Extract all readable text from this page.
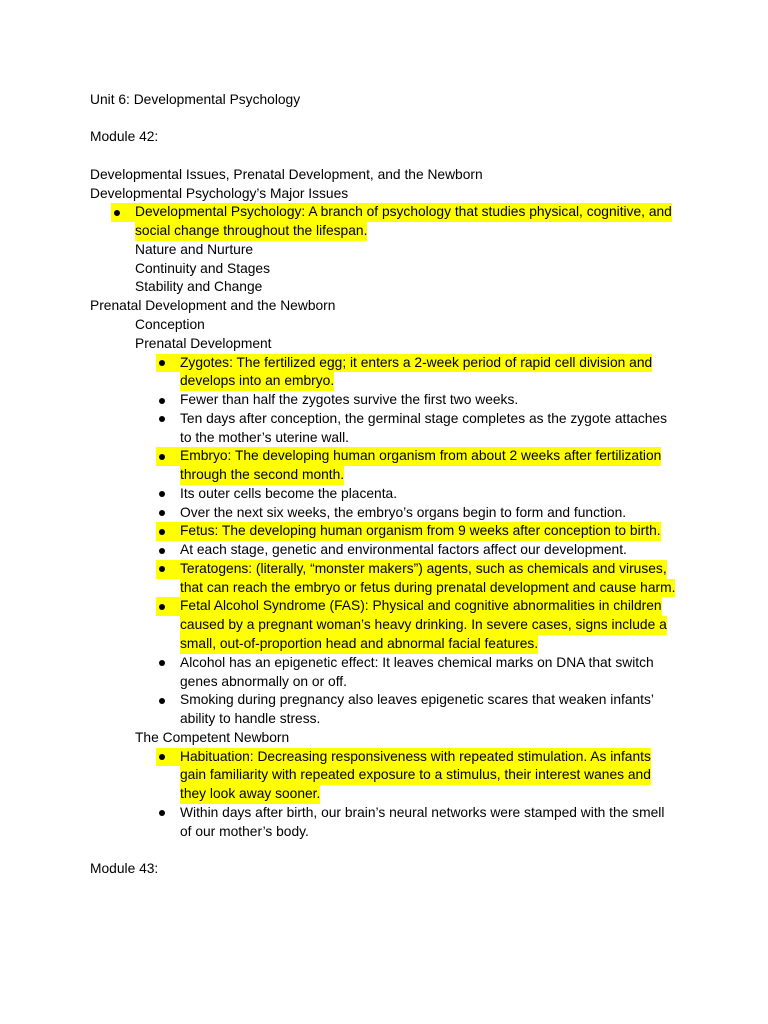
Unit 6: Developmental Psychology
Module 42:
Developmental Issues, Prenatal Development, and the Newborn
Developmental Psychology’s Major Issues
Developmental Psychology: A branch of psychology that studies physical, cognitive, and
social change throughout the lifespan.
Nature and Nurture
Continuity and Stages
Stability and Change
Prenatal Development and the Newborn
Conception
Prenatal Development
Zygotes: The fertilized egg; it enters a 2-week period of rapid cell division and
develops into an embryo.
Fewer than half the zygotes survive the first two weeks.
Ten days after conception, the germinal stage completes as the zygote attaches
to the mother’s uterine wall.
Embryo: The developing human organism from about 2 weeks after fertilization
through the second month.
Its outer cells become the placenta.
Over the next six weeks, the embryo’s organs begin to form and function.
Fetus: The developing human organism from 9 weeks after conception to birth.
At each stage, genetic and environmental factors affect our development.
Teratogens: (literally, “monster makers”) agents, such as chemicals and viruses,
that can reach the embryo or fetus during prenatal development and cause harm.
Fetal Alcohol Syndrome (FAS): Physical and cognitive abnormalities in children
caused by a pregnant woman’s heavy drinking. In severe cases, signs include a
small, out-of-proportion head and abnormal facial features.
Alcohol has an epigenetic effect: It leaves chemical marks on DNA that switch
genes abnormally on or off.
Smoking during pregnancy also leaves epigenetic scares that weaken infants’
ability to handle stress.
The Competent Newborn
Habituation: Decreasing responsiveness with repeated stimulation. As infants
gain familiarity with repeated exposure to a stimulus, their interest wanes and
they look away sooner.
Within days after birth, our brain’s neural networks were stamped with the smell
of our mother’s body.
Module 43:
